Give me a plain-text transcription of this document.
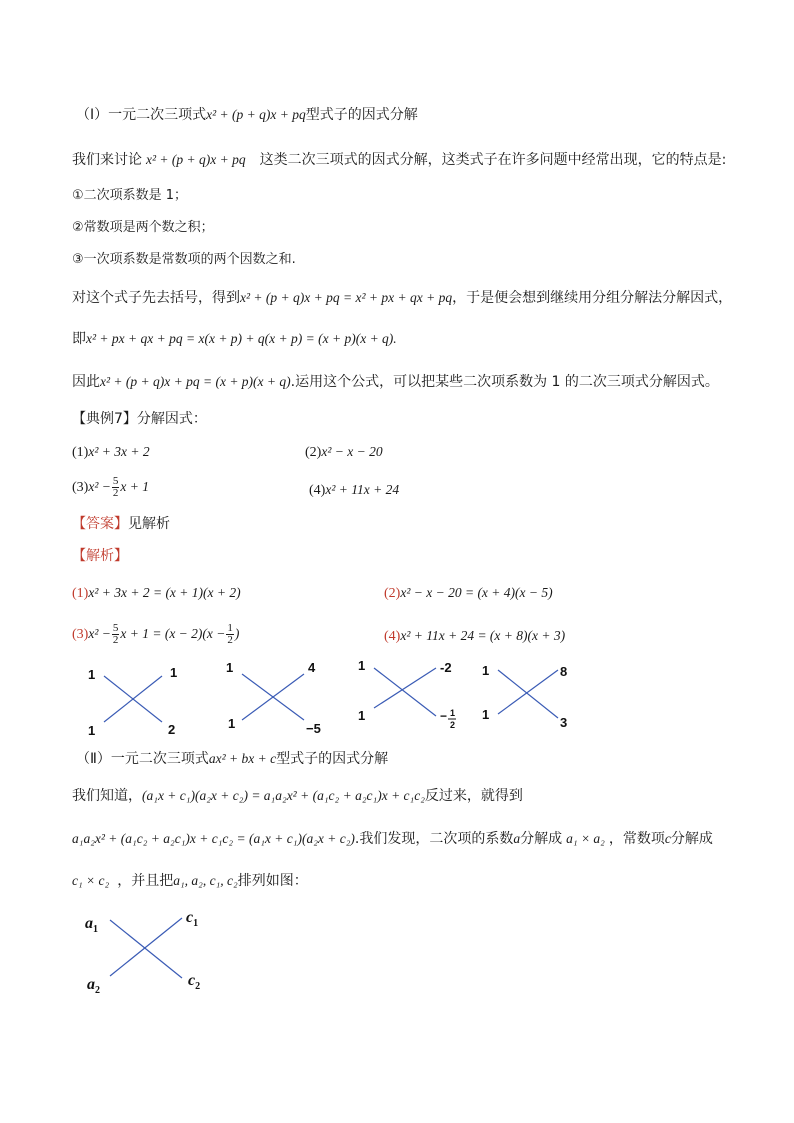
（Ⅰ）一元二次三项式x² + (p + q)x + pq型式子的因式分解
我们来讨论 x² + (p + q)x + pq 这类二次三项式的因式分解，这类式子在许多问题中经常出现，它的特点是:
①二次项系数是 1；
②常数项是两个数之积；
③一次项系数是常数项的两个因数之和.
对这个式子先去括号，得到x² + (p + q)x + pq = x² + px + qx + pq，于是便会想到继续用分组分解法分解因式，
即x² + px + qx + pq = x(x + p) + q(x + p) = (x + p)(x + q).
因此x² + (p + q)x + pq = (x + p)(x + q).运用这个公式，可以把某些二次项系数为 1 的二次三项式分解因式。
【典例7】分解因式：
(1)x² + 3x + 2	(2)x² − x − 20
$(3)x^2 - \frac{5}{2}$ x + 1	(4)x² + 11x + 24
【答案】见解析
【解析】
(1)x² + 3x + 2 = (x + 1)(x + 2)	(2)x² − x − 20 = (x + 4)(x − 5)
$(3)x^2 - \frac{5}{2}$ $x + 1 = (x - 2)(x - \frac{1}{2}$ )	(4)x² + 11x + 24 = (x + 8)(x + 3)
1	1
1	2
1	4
1	−5
1	-2
1	− 1
2
1	8
1
3
（Ⅱ）一元二次三项式ax² + bx + c型式子的因式分解
我们知道，(a₁x + c₁)(a₂x + c₂) = a₁a₂x² + (a₁c₂ + a₂c₁)x + c₁c₂反过来，就得到
a₁a₂x² + (a₁c₂ + a₂c₁)x + c₁c₂ = (a₁x + c₁)(a₂x + c₂).我们发现，二次项的系数a分解成 a₁ × a₂ ，常数项c分解成
c₁ × c₂ ，并且把a₁, a₂, c₁, c₂排列如图：
$a_1$
$c_1$
$a_2$
$c_2$
